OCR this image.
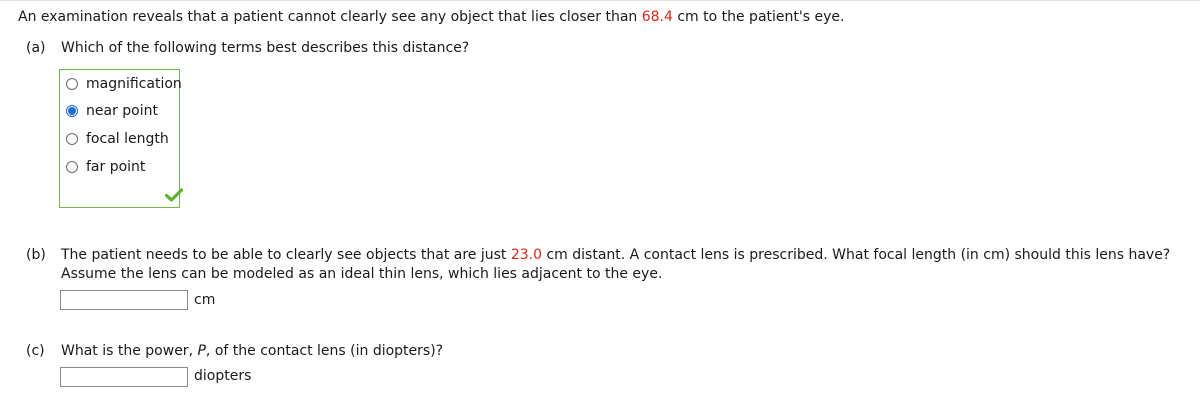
An examination reveals that a patient cannot clearly see any object that lies closer than 68.4 cm to the patient's eye.
(a) Which of the following terms best describes this distance?
magnification
near point
focal length
far point
(b) The patient needs to be able to clearly see objects that are just 23.0 cm distant. A contact lens is prescribed. What focal length (in cm) should this lens have?
Assume the lens can be modeled as an ideal thin lens, which lies adjacent to the eye.
cm
(c) What is the power, P, of the contact lens (in diopters)?
diopters
